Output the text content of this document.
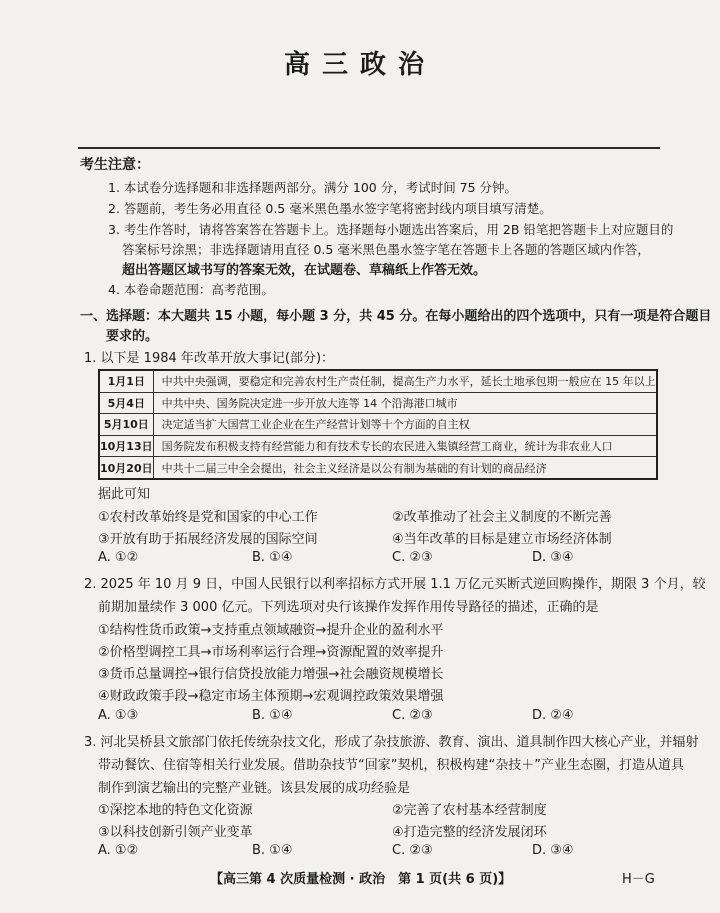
高三政治
考生注意：
1. 本试卷分选择题和非选择题两部分。满分 100 分，考试时间 75 分钟。
2. 答题前，考生务必用直径 0.5 毫米黑色墨水签字笔将密封线内项目填写清楚。
3. 考生作答时，请将答案答在答题卡上。选择题每小题选出答案后，用 2B 铅笔把答题卡上对应题目的
答案标号涂黑；非选择题请用直径 0.5 毫米黑色墨水签字笔在答题卡上各题的答题区域内作答，
超出答题区域书写的答案无效，在试题卷、草稿纸上作答无效。
4. 本卷命题范围：高考范围。
一、选择题：本大题共 15 小题，每小题 3 分，共 45 分。在每小题给出的四个选项中，只有一项是符合题目
要求的。
1. 以下是 1984 年改革开放大事记(部分)：
1月1日	中共中央强调，要稳定和完善农村生产责任制，提高生产力水平，延长土地承包期一般应在 15 年以上
5月4日	中共中央、国务院决定进一步开放大连等 14 个沿海港口城市
5月10日	决定适当扩大国营工业企业在生产经营计划等十个方面的自主权
10月13日	国务院发布积极支持有经营能力和有技术专长的农民进入集镇经营工商业，统计为非农业人口
10月20日	中共十二届三中全会提出，社会主义经济是以公有制为基础的有计划的商品经济
据此可知
①农村改革始终是党和国家的中心工作	②改革推动了社会主义制度的不断完善
③开放有助于拓展经济发展的国际空间	④当年改革的目标是建立市场经济体制
A. ①②	B. ①④	C. ②③	D. ③④
2. 2025 年 10 月 9 日，中国人民银行以利率招标方式开展 1.1 万亿元买断式逆回购操作，期限 3 个月，较
前期加量续作 3 000 亿元。下列选项对央行该操作发挥作用传导路径的描述，正确的是
①结构性货币政策→支持重点领域融资→提升企业的盈利水平
②价格型调控工具→市场利率运行合理→资源配置的效率提升
③货币总量调控→银行信贷投放能力增强→社会融资规模增长
④财政政策手段→稳定市场主体预期→宏观调控政策效果增强
A. ①③	B. ①④	C. ②③	D. ②④
3. 河北吴桥县文旅部门依托传统杂技文化，形成了杂技旅游、教育、演出、道具制作四大核心产业，并辐射
带动餐饮、住宿等相关行业发展。借助杂技节“回家”契机，积极构建“杂技＋”产业生态圈，打造从道具
制作到演艺输出的完整产业链。该县发展的成功经验是
①深挖本地的特色文化资源	②完善了农村基本经营制度
③以科技创新引领产业变革	④打造完整的经济发展闭环
A. ①②	B. ①④	C. ②③	D. ③④
【高三第 4 次质量检测 · 政治　第 1 页(共 6 页)】	H－G
